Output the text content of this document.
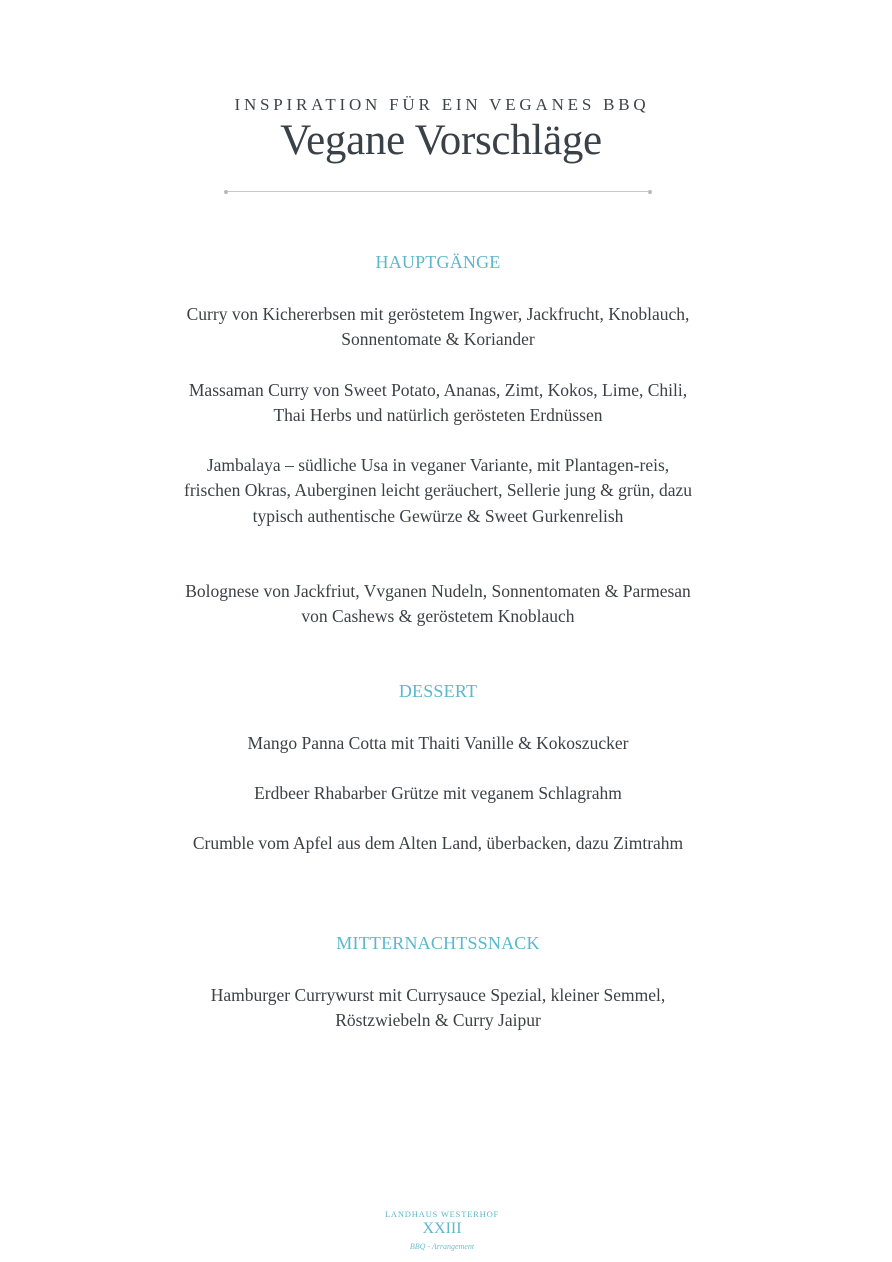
INSPIRATION FÜR EIN VEGANES BBQ
Vegane Vorschläge
HAUPTGÄNGE
Curry von Kichererbsen mit geröstetem Ingwer, Jackfrucht, Knoblauch, Sonnentomate & Koriander
Massaman Curry von Sweet Potato, Ananas, Zimt, Kokos, Lime, Chili, Thai Herbs und natürlich gerösteten Erdnüssen
Jambalaya – südliche Usa in veganer Variante, mit Plantagen-reis, frischen Okras, Auberginen leicht geräuchert, Sellerie jung & grün, dazu typisch authentische Gewürze & Sweet Gurkenrelish
Bolognese von Jackfriut, Vvganen Nudeln, Sonnentomaten & Parmesan von Cashews & geröstetem Knoblauch
DESSERT
Mango Panna Cotta mit Thaiti Vanille & Kokoszucker
Erdbeer Rhabarber Grütze mit veganem Schlagrahm
Crumble vom Apfel aus dem Alten Land, überbacken, dazu Zimtrahm
MITTERNACHTSSNACK
Hamburger Currywurst mit Currysauce Spezial, kleiner Semmel, Röstzwiebeln & Curry Jaipur
LANDHAUS WESTERHOF
XXIII
BBQ - Arrangement
